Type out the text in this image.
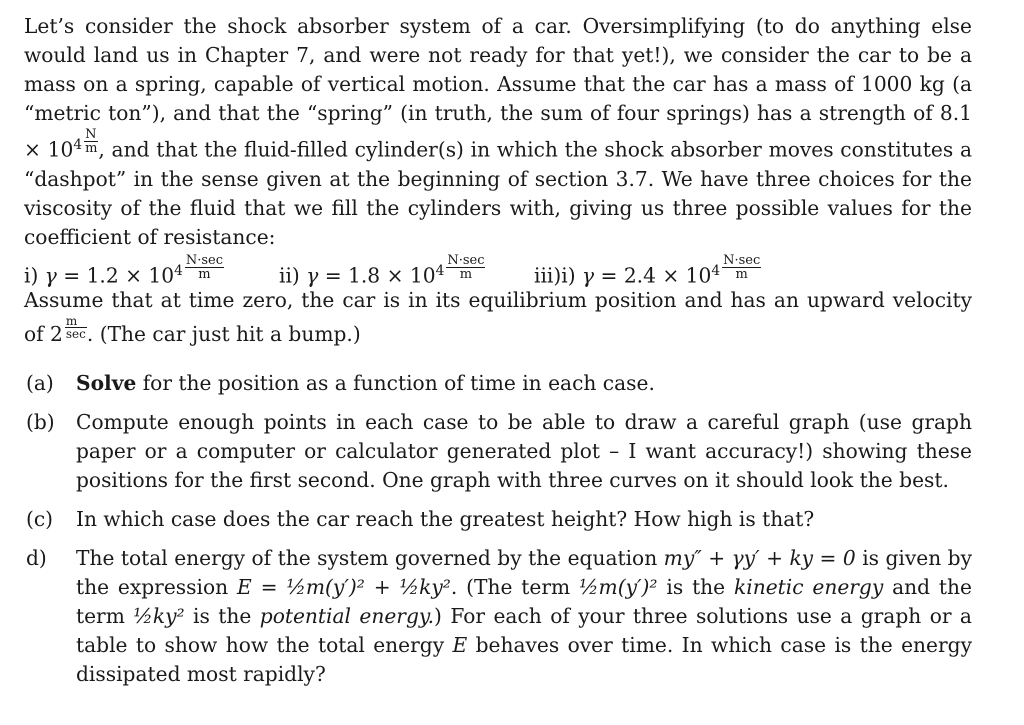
Let’s consider the shock absorber system of a car. Oversimplifying (to do anything else would land us in Chapter 7, and were not ready for that yet!), we consider the car to be a mass on a spring, capable of vertical motion. Assume that the car has a mass of 1000 kg (a “metric ton”), and that the “spring” (in truth, the sum of four springs) has a strength of $8.1 \times 10^4 \frac{N}{m}$ , and that the fluid-filled cylinder(s) in which the shock absorber moves constitutes a “dashpot” in the sense given at the beginning of section 3.7. We have three choices for the viscosity of the fluid that we fill the cylinders with, giving us three possible values for the coefficient of resistance:

i) $\gamma = 1.2 \times 10^4 \frac{N\cdot\sec}{m}$	ii) $\gamma = 1.8 \times 10^4 \frac{N\cdot\sec}{m} iii)i$) $\gamma = 2.4 \times 10^4 \frac{N\cdot\sec}{m}$

Assume that at time zero, the car is in its equilibrium position and has an upward velocity of $2 \frac{m}{\sec}$ . (The car just hit a bump.)

(a) Solve for the position as a function of time in each case.
(b) Compute enough points in each case to be able to draw a careful graph (use graph paper or a computer or calculator generated plot – I want accuracy!) showing these positions for the first second. One graph with three curves on it should look the best.
(c) In which case does the car reach the greatest height? How high is that?
d) The total energy of the system governed by the equation my″ + γy′ + ky = 0 is given by the expression E = ½m(y′)² + ½ky². (The term ½m(y′)² is the kinetic energy and the term ½ky² is the potential energy.) For each of your three solutions use a graph or a table to show how the total energy E behaves over time. In which case is the energy dissipated most rapidly?
